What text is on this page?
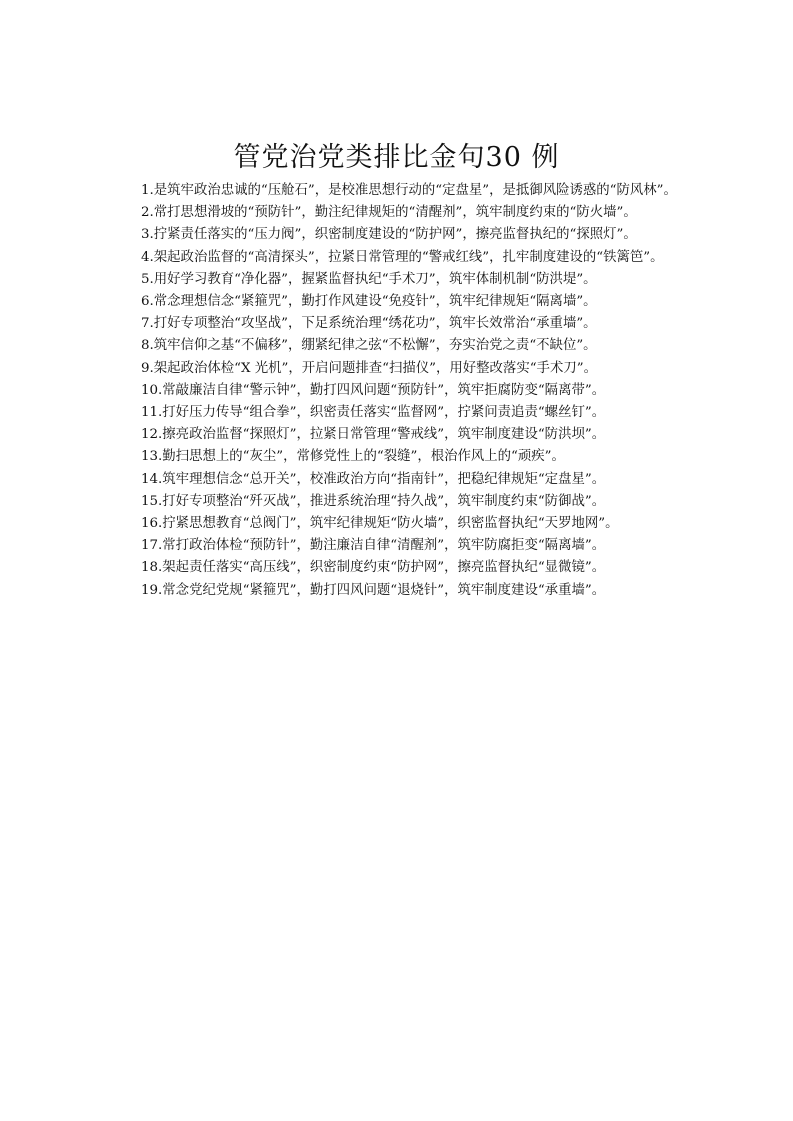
管党治党类排比金句30 例

1.是筑牢政治忠诚的“压舱石”，是校准思想行动的“定盘星”，是抵御风险诱惑的“防风林”。

2.常打思想滑坡的“预防针”，勤注纪律规矩的“清醒剂”，筑牢制度约束的“防火墙”。

3.拧紧责任落实的“压力阀”，织密制度建设的“防护网”，擦亮监督执纪的“探照灯”。

4.架起政治监督的“高清探头”，拉紧日常管理的“警戒红线”，扎牢制度建设的“铁篱笆”。

5.用好学习教育“净化器”，握紧监督执纪“手术刀”，筑牢体制机制“防洪堤”。

6.常念理想信念“紧箍咒”，勤打作风建设“免疫针”，筑牢纪律规矩“隔离墙”。

7.打好专项整治“攻坚战”，下足系统治理“绣花功”，筑牢长效常治“承重墙”。

8.筑牢信仰之基“不偏移”，绷紧纪律之弦“不松懈”，夯实治党之责“不缺位”。

9.架起政治体检“X 光机”，开启问题排查“扫描仪”，用好整改落实“手术刀”。

10.常敲廉洁自律“警示钟”，勤打四风问题“预防针”，筑牢拒腐防变“隔离带”。

11.打好压力传导“组合拳”，织密责任落实“监督网”，拧紧问责追责“螺丝钉”。

12.擦亮政治监督“探照灯”，拉紧日常管理“警戒线”，筑牢制度建设“防洪坝”。

13.勤扫思想上的“灰尘”，常修党性上的“裂缝”，根治作风上的“顽疾”。

14.筑牢理想信念“总开关”，校准政治方向“指南针”，把稳纪律规矩“定盘星”。

15.打好专项整治“歼灭战”，推进系统治理“持久战”，筑牢制度约束“防御战”。

16.拧紧思想教育“总阀门”，筑牢纪律规矩“防火墙”，织密监督执纪“天罗地网”。

17.常打政治体检“预防针”，勤注廉洁自律“清醒剂”，筑牢防腐拒变“隔离墙”。

18.架起责任落实“高压线”，织密制度约束“防护网”，擦亮监督执纪“显微镜”。

19.常念党纪党规“紧箍咒”，勤打四风问题“退烧针”，筑牢制度建设“承重墙”。
